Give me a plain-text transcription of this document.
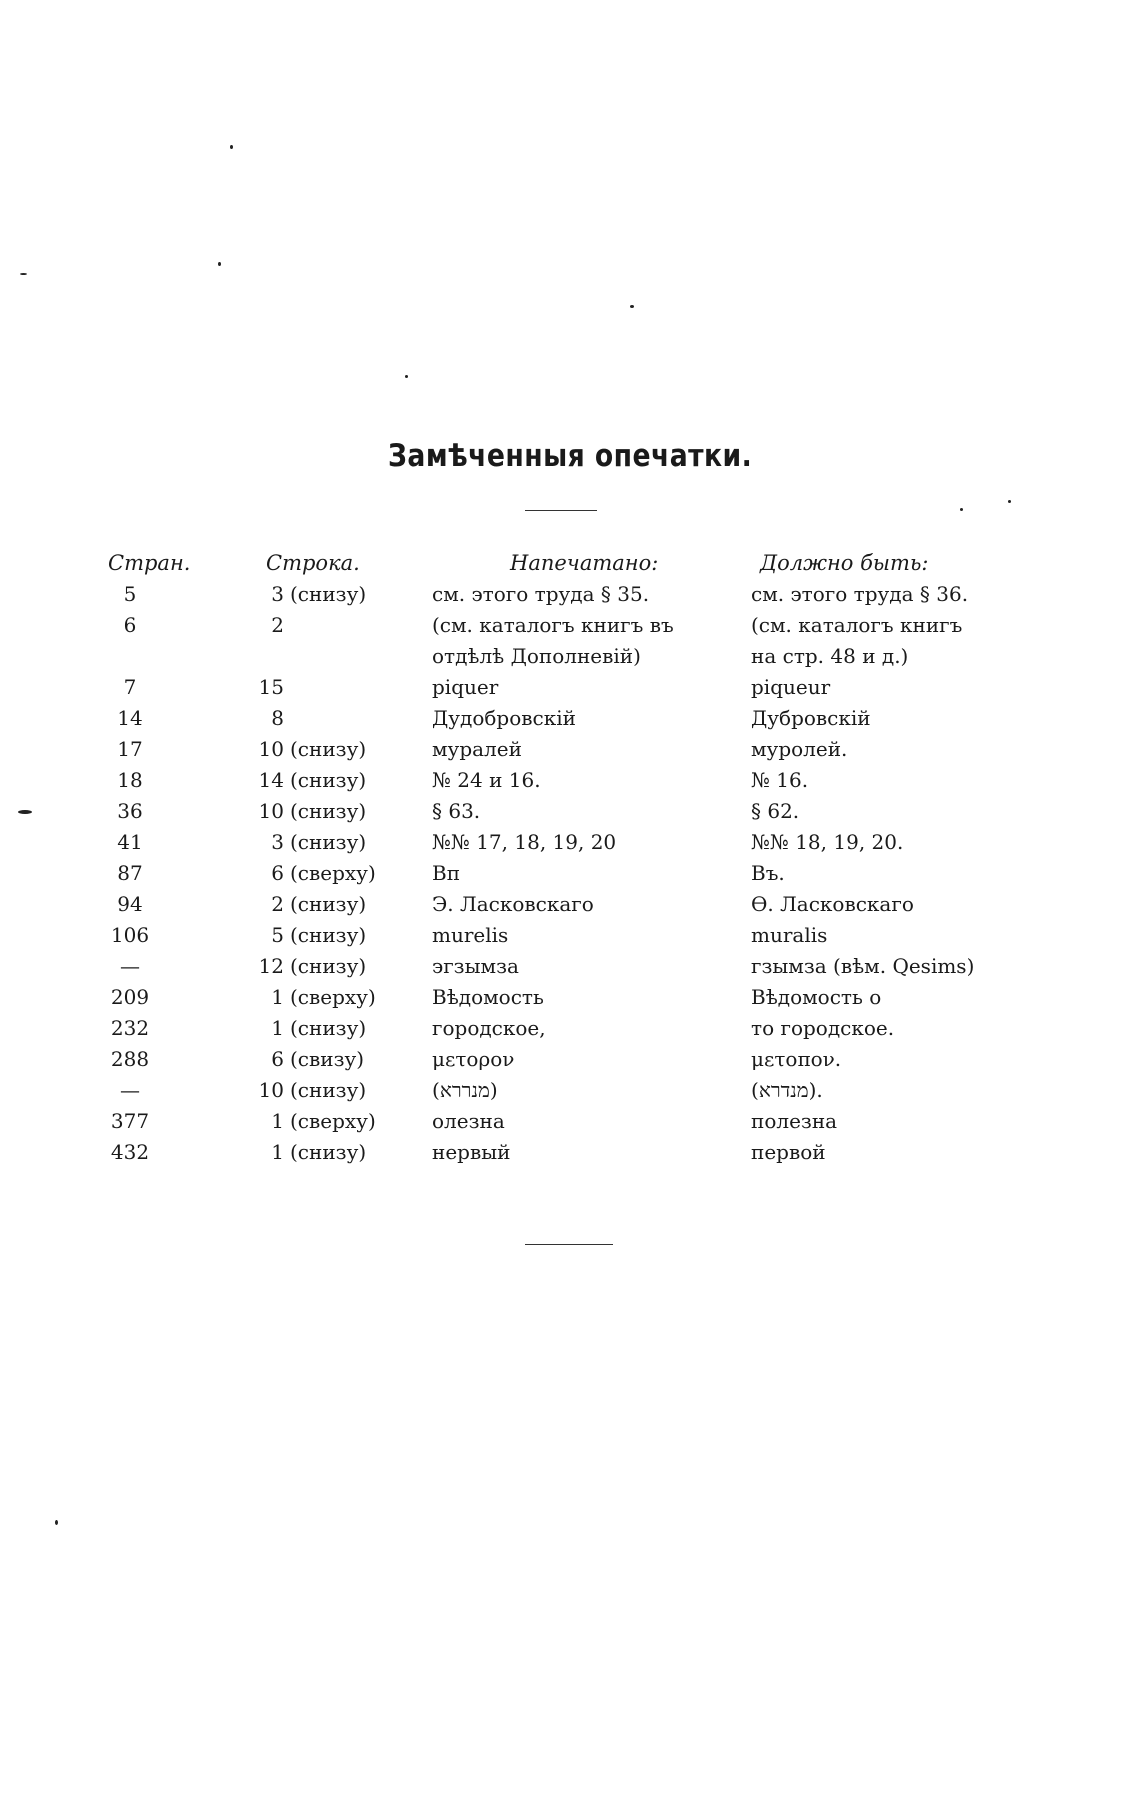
Замѣченныя опечатки.
Стран.	Строка.	Напечатано:	Должно быть:
5	3 (снизу)	см. этого труда § 35.	см. этого труда § 36.
6	2	(см. каталогъ книгъ въ	(см. каталогъ книгъ
отдѣлѣ Дополневій)	на стр. 48 и д.)
7	15	piquer	piqueur
14	8	Дудобровскій	Дубровскій
17	10 (снизу)	муралей	муролей.
18	14 (снизу)	№ 24 и 16.	№ 16.
36	10 (снизу)	§ 63.	§ 62.
41	3 (снизу)	№№ 17, 18, 19, 20	№№ 18, 19, 20.
87	6 (сверху)	Вп	Въ.
94	2 (снизу)	Э. Ласковскаго	Ѳ. Ласковскаго
106	5 (снизу)	murelis	muralis
—	12 (снизу)	эгзымза	гзымза (вѣм. Qesims)
209	1 (сверху)	Вѣдомость	Вѣдомость о
232	1 (снизу)	городское,	то городское.
288	6 (свизу)	μετορον	μετοπον.
—	10 (снизу)	(מנררא)	(מנדרא).
377	1 (сверху)	олезна	полезна
432	1 (снизу)	нервый	первой
